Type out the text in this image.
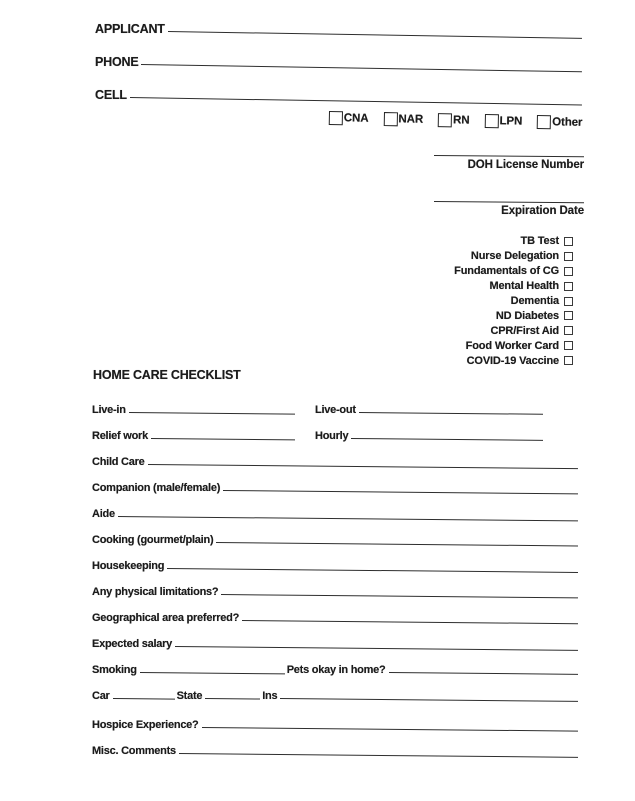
APPLICANT
PHONE
CELL
CNA	NAR	RN	LPN	Other
DOH License Number
Expiration Date
TB Test
Nurse Delegation
Fundamentals of CG
Mental Health
Dementia
ND Diabetes
CPR/First Aid
Food Worker Card
COVID-19 Vaccine
HOME CARE CHECKLIST
Live-in	Live-out
Relief work	Hourly
Child Care
Companion (male/female)
Aide
Cooking (gourmet/plain)
Housekeeping
Any physical limitations?
Geographical area preferred?
Expected salary
Smoking	Pets okay in home?
Car	State	Ins
Hospice Experience?
Misc. Comments
